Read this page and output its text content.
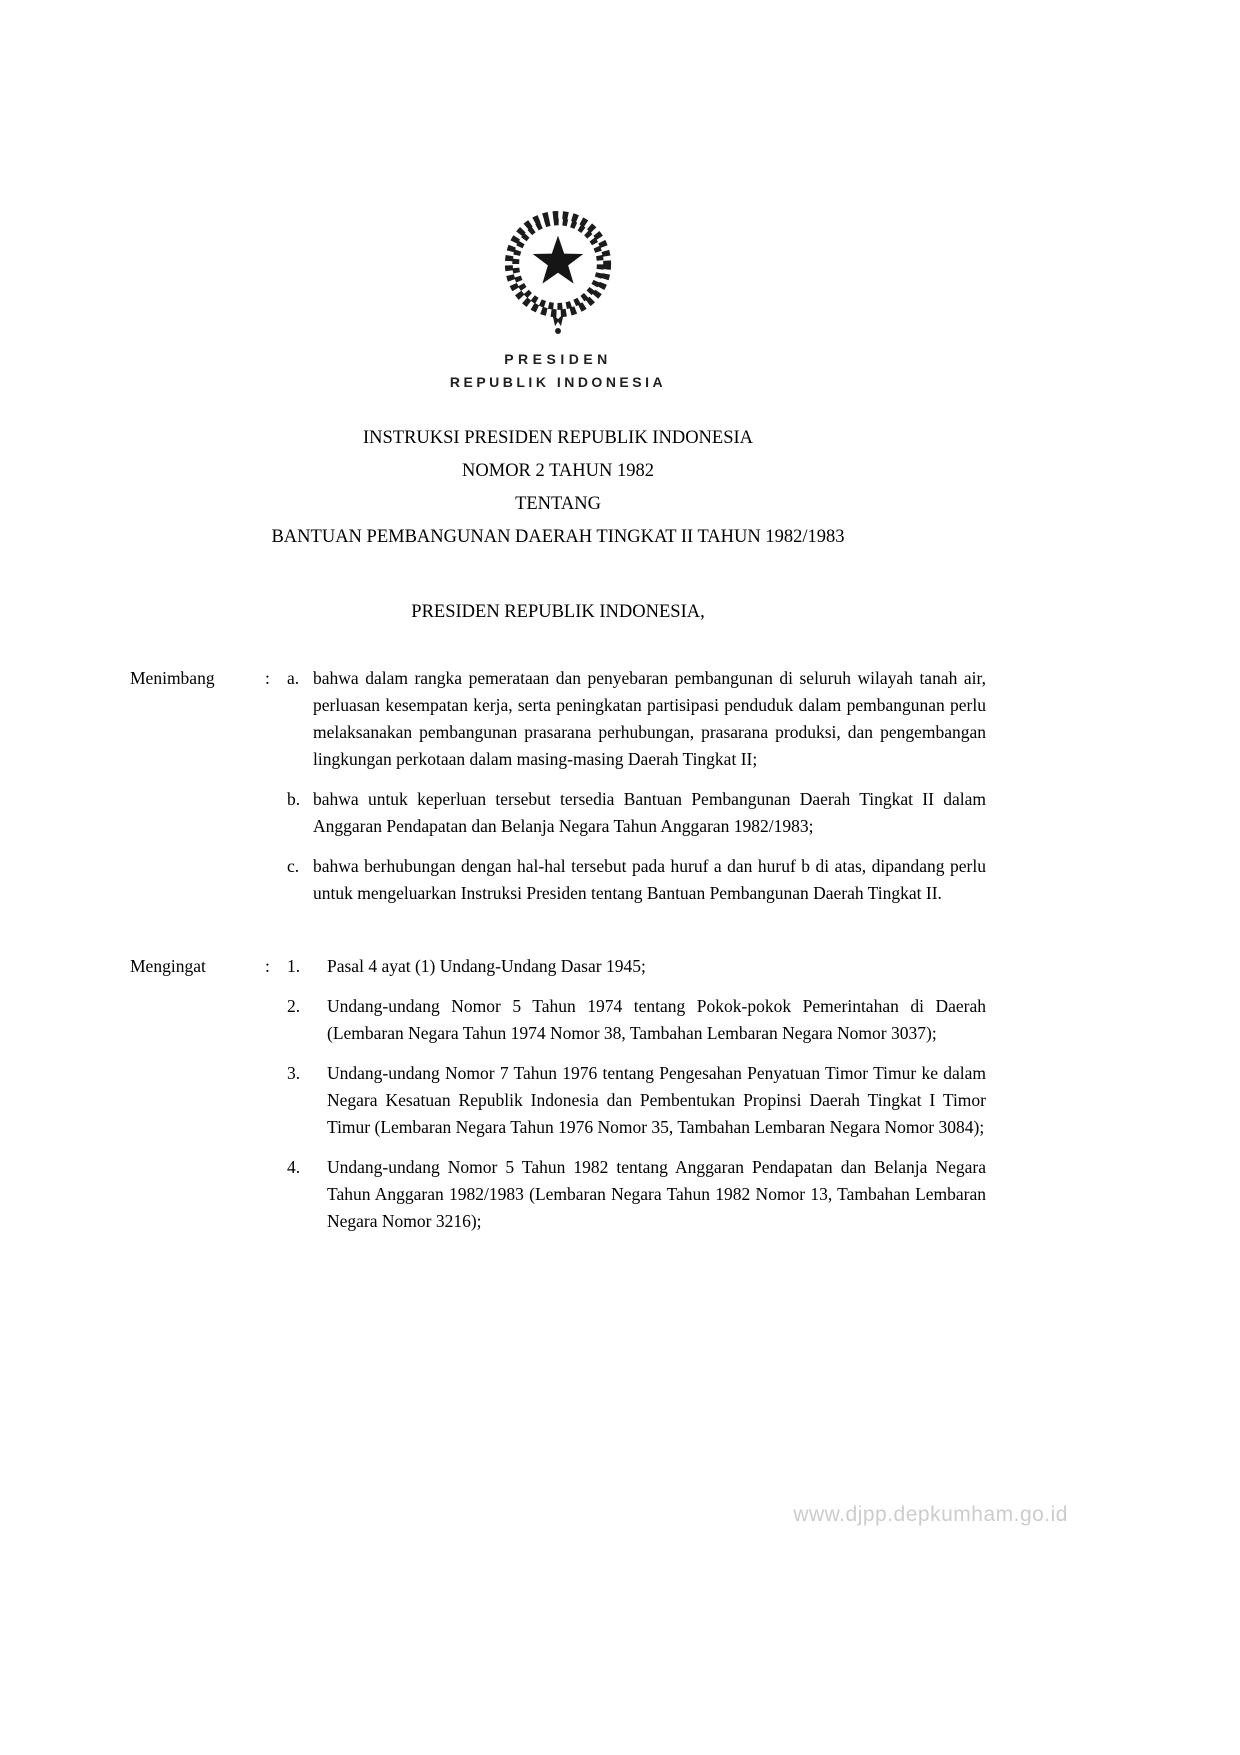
PRESIDEN
REPUBLIK INDONESIA
INSTRUKSI PRESIDEN REPUBLIK INDONESIA
NOMOR 2 TAHUN 1982
TENTANG
BANTUAN PEMBANGUNAN DAERAH TINGKAT II TAHUN 1982/1983
PRESIDEN REPUBLIK INDONESIA,
Menimbang	: a. bahwa dalam rangka pemerataan dan penyebaran pembangunan di seluruh wilayah tanah air, perluasan kesempatan kerja, serta peningkatan partisipasi penduduk dalam pembangunan perlu melaksanakan pembangunan prasarana perhubungan, prasarana produksi, dan pengembangan lingkungan perkotaan dalam masing-masing Daerah Tingkat II;
b. bahwa untuk keperluan tersebut tersedia Bantuan Pembangunan Daerah Tingkat II dalam Anggaran Pendapatan dan Belanja Negara Tahun Anggaran 1982/1983;
c. bahwa berhubungan dengan hal-hal tersebut pada huruf a dan huruf b di atas, dipandang perlu untuk mengeluarkan Instruksi Presiden tentang Bantuan Pembangunan Daerah Tingkat II.
Mengingat	: 1.	Pasal 4 ayat (1) Undang-Undang Dasar 1945;
2.	Undang-undang Nomor 5 Tahun 1974 tentang Pokok-pokok Pemerintahan di Daerah (Lembaran Negara Tahun 1974 Nomor 38, Tambahan Lembaran Negara Nomor 3037);
3.	Undang-undang Nomor 7 Tahun 1976 tentang Pengesahan Penyatuan Timor Timur ke dalam Negara Kesatuan Republik Indonesia dan Pembentukan Propinsi Daerah Tingkat I Timor Timur (Lembaran Negara Tahun 1976 Nomor 35, Tambahan Lembaran Negara Nomor 3084);
4.	Undang-undang Nomor 5 Tahun 1982 tentang Anggaran Pendapatan dan Belanja Negara Tahun Anggaran 1982/1983 (Lembaran Negara Tahun 1982 Nomor 13, Tambahan Lembaran Negara Nomor 3216);
www.djpp.depkumham.go.id
